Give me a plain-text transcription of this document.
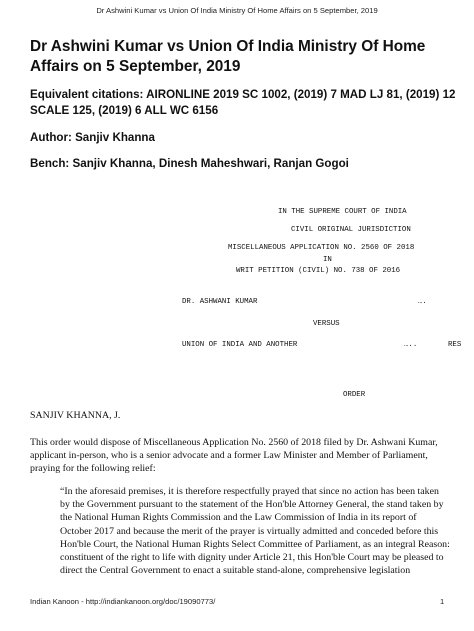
Dr Ashwini Kumar vs Union Of India Ministry Of Home Affairs on 5 September, 2019
Dr Ashwini Kumar vs Union Of India Ministry Of Home Affairs on 5 September, 2019
Equivalent citations: AIRONLINE 2019 SC 1002, (2019) 7 MAD LJ 81, (2019) 12 SCALE 125, (2019) 6 ALL WC 6156
Author: Sanjiv Khanna
Bench: Sanjiv Khanna, Dinesh Maheshwari, Ranjan Gogoi
IN THE SUPREME COURT OF INDIA
CIVIL ORIGINAL JURISDICTION
MISCELLANEOUS APPLICATION NO. 2560 OF 2018
IN
WRIT PETITION (CIVIL) NO. 738 OF 2016
DR. ASHWANI KUMAR	….
VERSUS
UNION OF INDIA AND ANOTHER	…..	RES
ORDER
SANJIV KHANNA, J.
This order would dispose of Miscellaneous Application No. 2560 of 2018 filed by Dr. Ashwani Kumar, applicant in-person, who is a senior advocate and a former Law Minister and Member of Parliament, praying for the following relief:
“In the aforesaid premises, it is therefore respectfully prayed that since no action has been taken by the Government pursuant to the statement of the Hon'ble Attorney General, the stand taken by the National Human Rights Commission and the Law Commission of India in its report of October 2017 and because the merit of the prayer is virtually admitted and conceded before this Hon'ble Court, the National Human Rights Select Committee of Parliament, as an integral Reason: constituent of the right to life with dignity under Article 21, this Hon'ble Court may be pleased to direct the Central Government to enact a suitable stand-alone, comprehensive legislation
Indian Kanoon - http://indiankanoon.org/doc/19090773/	1
